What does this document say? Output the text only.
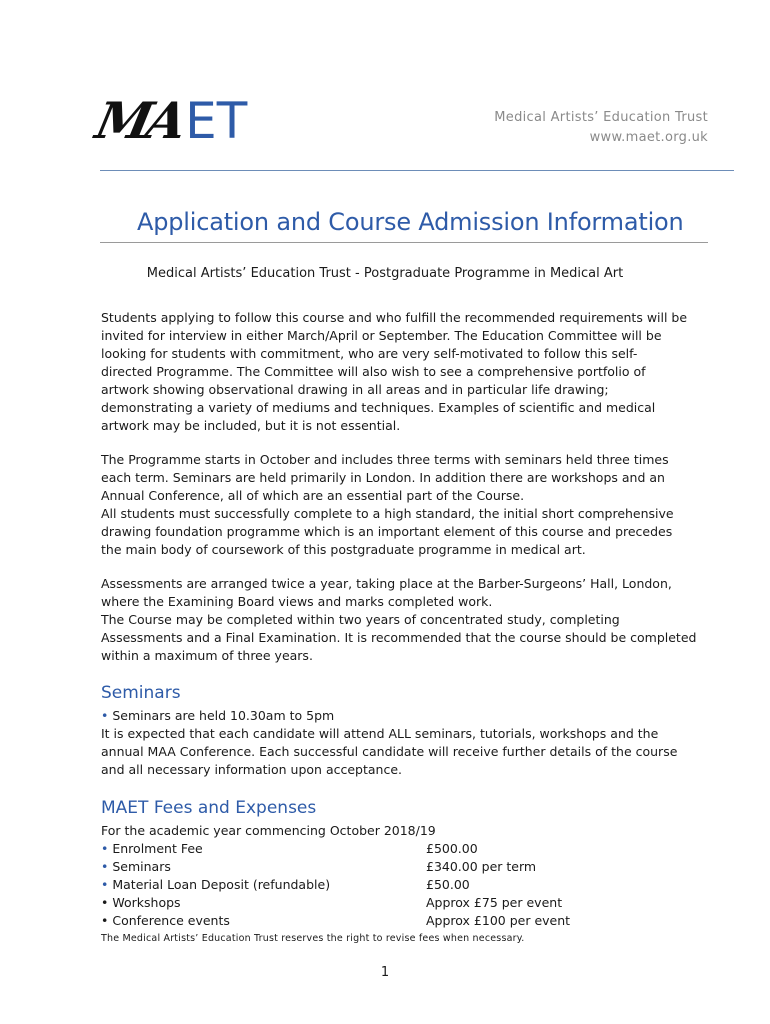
MA
ET	Medical Artists’ Education Trust
www.maet.org.uk
Application and Course Admission Information
Medical Artists’ Education Trust - Postgraduate Programme in Medical Art

Students applying to follow this course and who fulfill the recommended requirements will be
invited for interview in either March/April or September. The Education Committee will be
looking for students with commitment, who are very self-motivated to follow this self-
directed Programme. The Committee will also wish to see a comprehensive portfolio of
artwork showing observational drawing in all areas and in particular life drawing;
demonstrating a variety of mediums and techniques. Examples of scientific and medical
artwork may be included, but it is not essential.

The Programme starts in October and includes three terms with seminars held three times
each term. Seminars are held primarily in London. In addition there are workshops and an
Annual Conference, all of which are an essential part of the Course.
All students must successfully complete to a high standard, the initial short comprehensive
drawing foundation programme which is an important element of this course and precedes
the main body of coursework of this postgraduate programme in medical art.

Assessments are arranged twice a year, taking place at the Barber-Surgeons’ Hall, London,
where the Examining Board views and marks completed work.
The Course may be completed within two years of concentrated study, completing
Assessments and a Final Examination. It is recommended that the course should be completed
within a maximum of three years.

Seminars
• Seminars are held 10.30am to 5pm
It is expected that each candidate will attend ALL seminars, tutorials, workshops and the
annual MAA Conference. Each successful candidate will receive further details of the course
and all necessary information upon acceptance.
MAET Fees and Expenses
For the academic year commencing October 2018/19
• Enrolment Fee	£500.00
• Seminars	£340.00 per term
• Material Loan Deposit (refundable)	£50.00
• Workshops	Approx £75 per event
• Conference events	Approx £100 per event
The Medical Artists’ Education Trust reserves the right to revise fees when necessary.
1
